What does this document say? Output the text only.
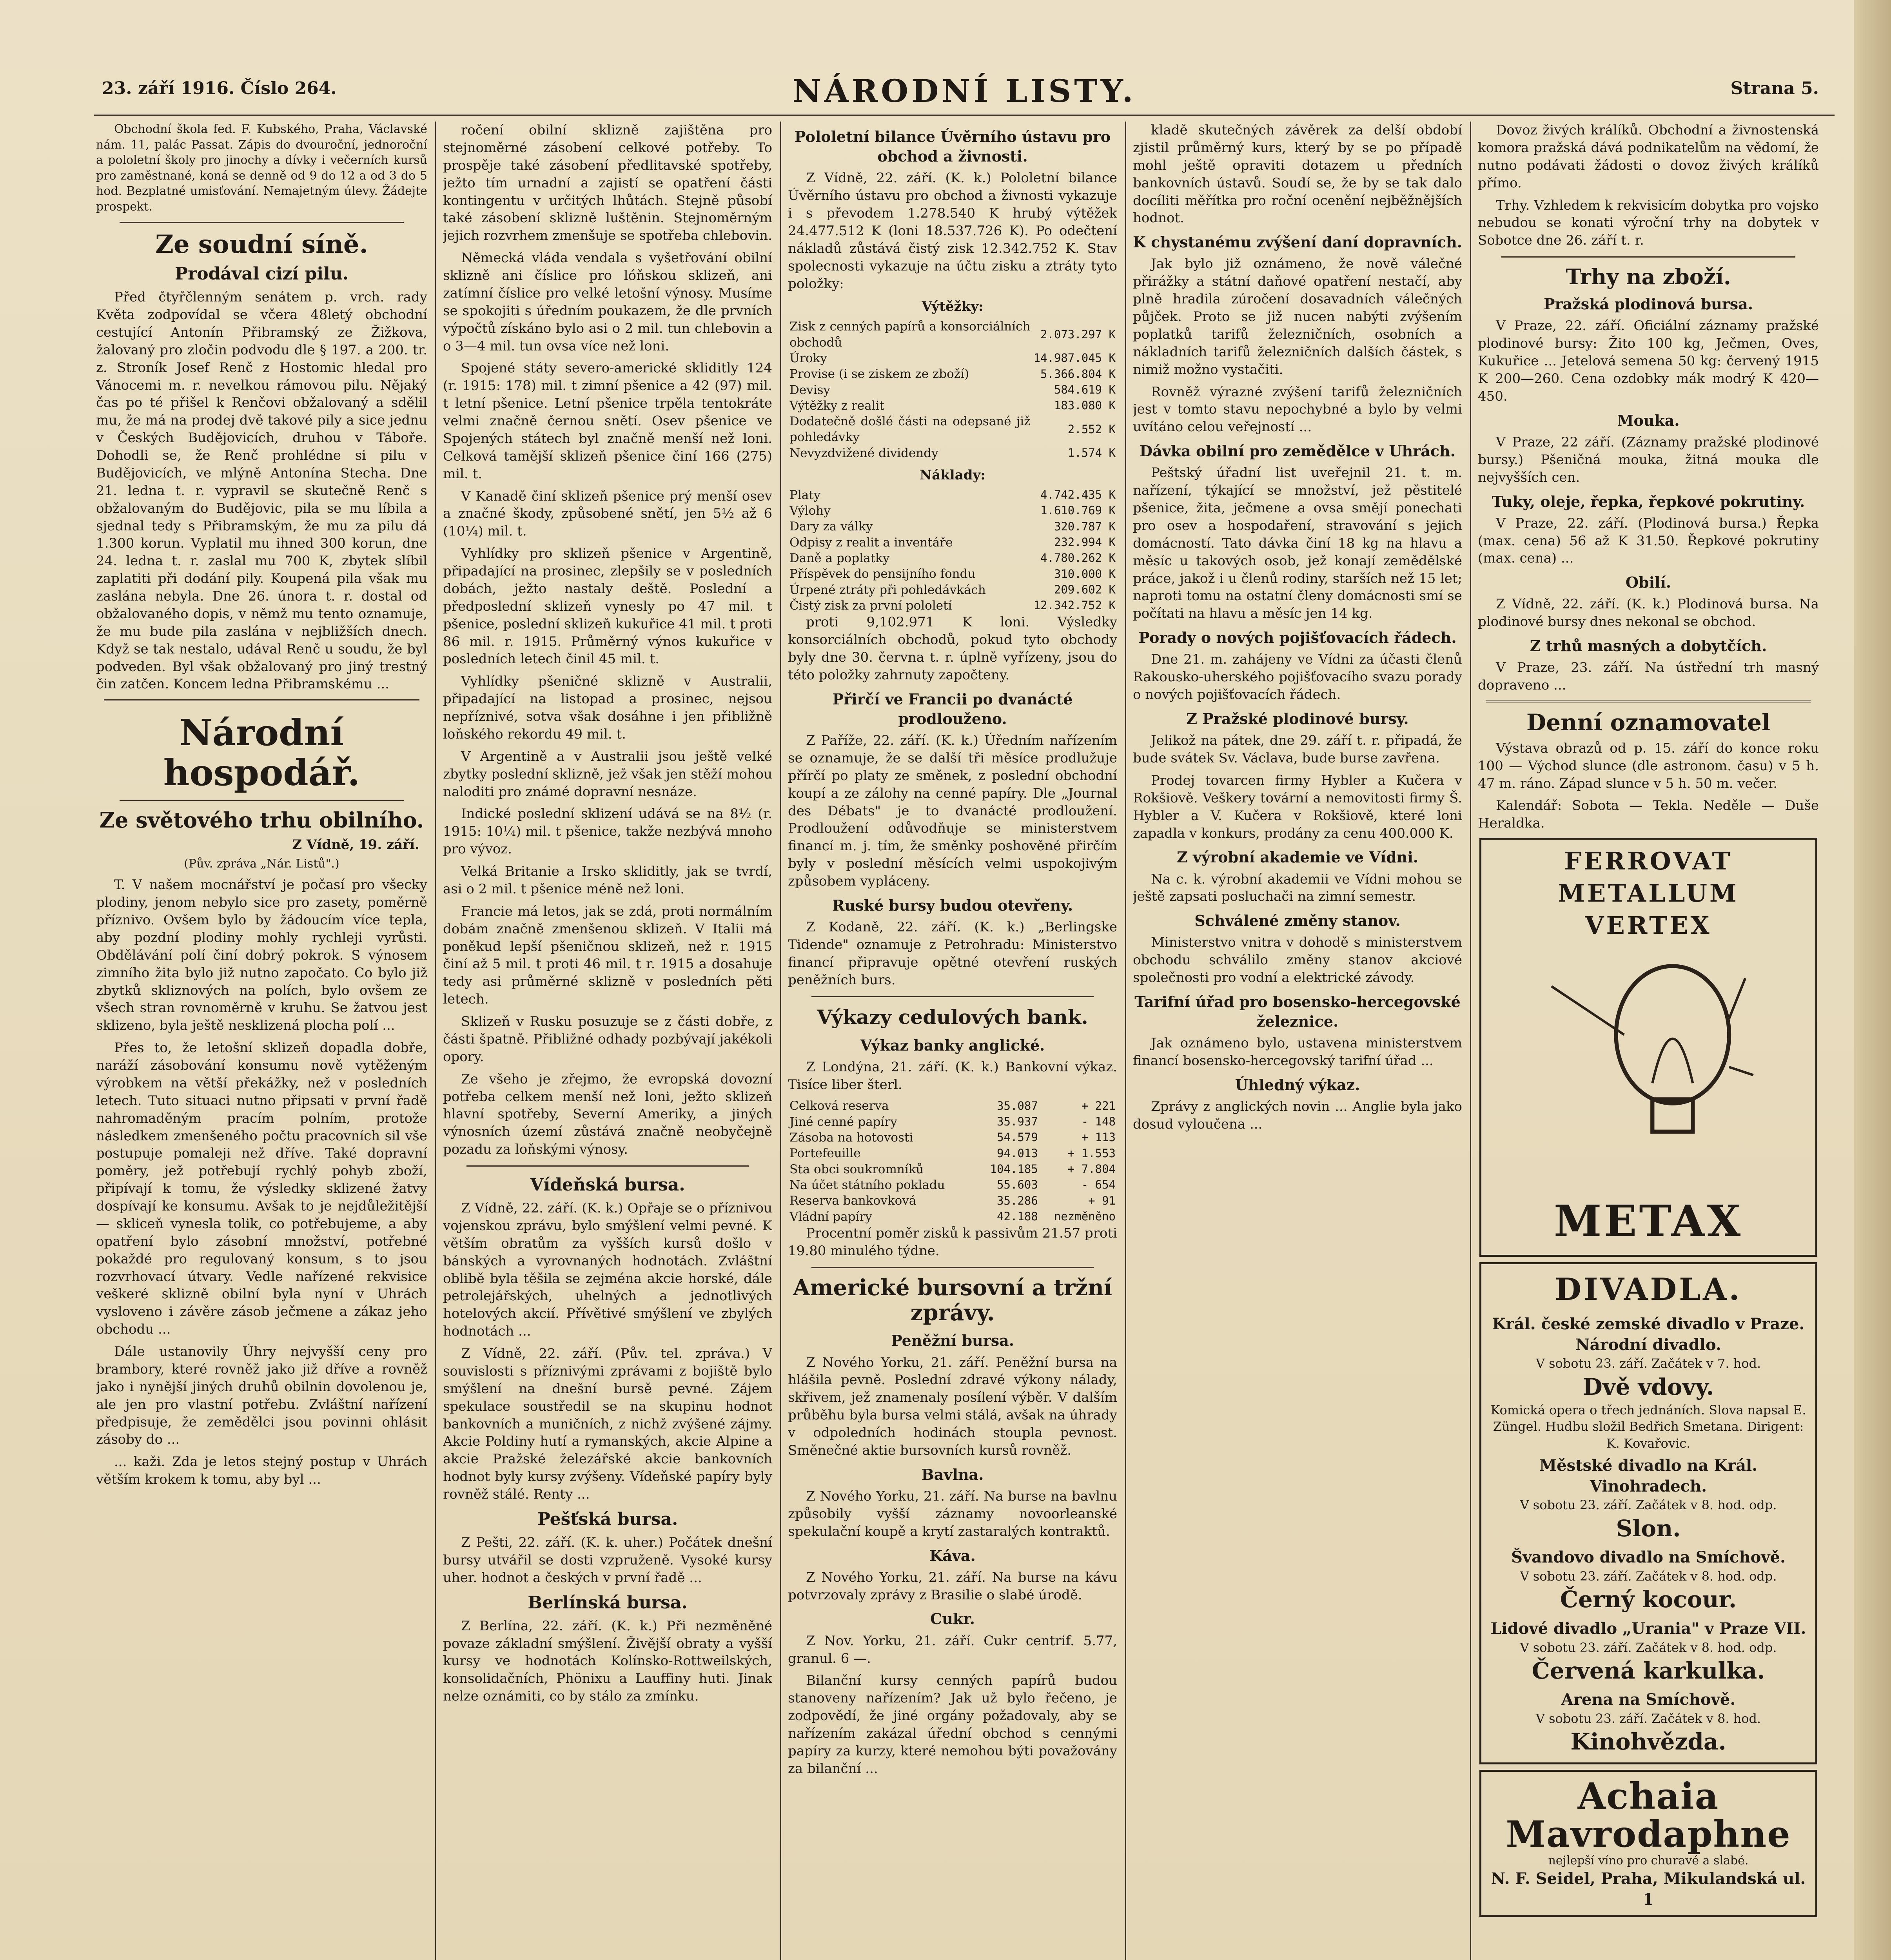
23. září 1916. Číslo 264.	NÁRODNÍ LISTY.	Strana 5.

Obchodní škola fed. F. Kubského, Praha, Václavské nám. 11, palác Passat. Zápis do dvouroční, jednoroční a pololetní školy pro jinochy a dívky i večerních kursů pro zaměstnané, koná se denně od 9 do 12 a od 3 do 5 hod. Bezplatné umisťování. Nemajetným úlevy. Žádejte prospekt.

Ze soudní síně.
Prodával cizí pilu.

Před čtyřčlenným senátem p. vrch. rady Květa zodpovídal se včera 48letý obchodní cestující Antonín Přibramský ze Žižkova, žalovaný pro zločin podvodu dle § 197. a 200. tr. z. Stroník Josef Renč z Hostomic hledal pro Vánocemi m. r. nevelkou rámovou pilu. Nějaký čas po té přišel k Renčovi obžalovaný a sdělil mu, že má na prodej dvě takové pily a sice jednu v Českých Budějovicích, druhou v Táboře. Dohodli se, že Renč prohlédne si pilu v Budějovicích, ve mlýně Antonína Stecha. Dne 21. ledna t. r. vypravil se skutečně Renč s obžalovaným do Budějovic, pila se mu líbila a sjednal tedy s Přibramským, že mu za pilu dá 1.300 korun. Vyplatil mu ihned 300 korun, dne 24. ledna t. r. zaslal mu 700 K, zbytek slíbil zaplatiti při dodání pily. Koupená pila však mu zaslána nebyla. Dne 26. února t. r. dostal od obžalovaného dopis, v němž mu tento oznamuje, že mu bude pila zaslána v nejbližších dnech. Když se tak nestalo, udával Renč u soudu, že byl podveden. Byl však obžalovaný pro jiný trestný čin zatčen. Koncem ledna Přibramskému ...

Národní hospodář.
Ze světového trhu obilního.
Z Vídně, 19. září.
(Pův. zpráva „Nár. Listů".)

T. V našem mocnářství je počasí pro všecky plodiny, jenom nebylo sice pro zasety, poměrně příznivo. Ovšem bylo by žádoucím více tepla, aby pozdní plodiny mohly rychleji vyrůsti. Obdělávání polí činí dobrý pokrok. S výnosem zimního žita bylo již nutno započato. Co bylo již zbytků skliznových na polích, bylo ovšem ze všech stran rovnoměrně v kruhu. Se žatvou jest sklizeno, byla ještě nesklizená plocha polí ...

Přes to, že letošní sklizeň dopadla dobře, naráží zásobování konsumu nově vytěženým výrobkem na větší překážky, než v posledních letech. Tuto situaci nutno připsati v první řadě nahromaděným pracím polním, protože následkem zmenšeného počtu pracovních sil vše postupuje pomaleji než dříve. Také dopravní poměry, jež potřebují rychlý pohyb zboží, připívají k tomu, že výsledky sklizené žatvy dospívají ke konsumu. Avšak to je nejdůležitější — skliceň vynesla tolik, co potřebujeme, a aby opatření bylo zásobní množství, potřebné pokaždé pro regulovaný konsum, s to jsou rozvrhovací útvary. Vedle nařízené rekvisice veškeré sklizně obilní byla nyní v Uhrách vysloveno i závěre zásob ječmene a zákaz jeho obchodu ...

Dále ustanovily Úhry nejvyšší ceny pro brambory, které rovněž jako již dříve a rovněž jako i nynější jiných druhů obilnin dovolenou je, ale jen pro vlastní potřebu. Zvláštní nařízení předpisuje, že zemědělci jsou povinni ohlásit zásoby do ...

... kaži. Zda je letos stejný postup v Uhrách větším krokem k tomu, aby byl ...

ročení obilní sklizně zajištěna pro stejnoměrné zásobení celkové potřeby. To prospěje také zásobení předlitavské spotřeby, ježto tím urnadní a zajistí se opatření části kontingentu v určitých lhůtách. Stejně působí také zásobení sklizně luštěnin. Stejnoměrným jejich rozvrhem zmenšuje se spotřeba chlebovin.

Německá vláda vendala s vyšetřování obilní sklizně ani číslice pro lóňskou sklizeň, ani zatímní číslice pro velké letošní výnosy. Musíme se spokojiti s úředním poukazem, že dle prvních výpočtů získáno bylo asi o 2 mil. tun chlebovin a o 3—4 mil. tun ovsa více než loni.

Spojené státy severo-americké skliditly 124 (r. 1915: 178) mil. t zimní pšenice a 42 (97) mil. t letní pšenice. Letní pšenice trpěla tentokráte velmi značně černou snětí. Osev pšenice ve Spojených státech byl značně menší než loni. Celková tamější sklizeň pšenice činí 166 (275) mil. t.

V Kanadě činí sklizeň pšenice prý menší osev a značné škody, způsobené snětí, jen 5½ až 6 (10¼) mil. t.

Vyhlídky pro sklizeň pšenice v Argentině, připadající na prosinec, zlepšily se v posledních dobách, ježto nastaly deště. Poslední a předposlední sklizeň vynesly po 47 mil. t pšenice, poslední sklizeň kukuřice 41 mil. t proti 86 mil. r. 1915. Průměrný výnos kukuřice v posledních letech činil 45 mil. t.

Vyhlídky pšeničné sklizně v Australii, připadající na listopad a prosinec, nejsou nepříznivé, sotva však dosáhne i jen přibližně loňského rekordu 49 mil. t.

V Argentině a v Australii jsou ještě velké zbytky poslední sklizně, jež však jen stěží mohou naloditi pro známé dopravní nesnáze.

Indické poslední sklizení udává se na 8½ (r. 1915: 10¼) mil. t pšenice, takže nezbývá mnoho pro vývoz.

Velká Britanie a Irsko skliditly, jak se tvrdí, asi o 2 mil. t pšenice méně než loni.

Francie má letos, jak se zdá, proti normálním dobám značně zmenšenou sklizeň. V Italii má poněkud lepší pšeničnou sklizeň, než r. 1915 činí až 5 mil. t proti 46 mil. t r. 1915 a dosahuje tedy asi průměrné sklizně v posledních pěti letech.

Sklizeň v Rusku posuzuje se z části dobře, z části špatně. Přibližné odhady pozbývají jakékoli opory.

Ze všeho je zřejmo, že evropská dovozní potřeba celkem menší než loni, ježto sklizeň hlavní spotřeby, Severní Ameriky, a jiných výnosních území zůstává značně neobyčejně pozadu za loňskými výnosy.

Vídeňská bursa.

Z Vídně, 22. září. (K. k.) Opřaje se o příznivou vojenskou zprávu, bylo smýšlení velmi pevné. K větším obratům za vyšších kursů došlo v bánských a vyrovnaných hodnotách. Zvláštní oblibě byla těšila se zejména akcie horské, dále petrolejářských, uhelných a jednotlivých hotelových akcií. Přívětivé smýšlení ve zbylých hodnotách ...

Z Vídně, 22. září. (Pův. tel. zpráva.) V souvislosti s příznivými zprávami z bojiště bylo smýšlení na dnešní bursě pevné. Zájem spekulace soustředil se na skupinu hodnot bankovních a muničních, z nichž zvýšené zájmy. Akcie Poldiny hutí a rymanských, akcie Alpine a akcie Pražské železářské akcie bankovních hodnot byly kursy zvýšeny. Vídeňské papíry byly rovněž stálé. Renty ...

Pešťská bursa.

Z Pešti, 22. září. (K. k. uher.) Počátek dnešní bursy utvářil se dosti vzpruženě. Vysoké kursy uher. hodnot a českých v první řadě ...

Berlínská bursa.

Z Berlína, 22. září. (K. k.) Při nezměněné povaze základní smýšlení. Živější obraty a vyšší kursy ve hodnotách Kolínsko-Rottweilských, konsolidačních, Phönixu a Lauffiny huti. Jinak nelze oznámiti, co by stálo za zmínku.

Pololetní bilance Úvěrního ústavu pro obchod a živnosti.

Z Vídně, 22. září. (K. k.) Pololetní bilance Úvěrního ústavu pro obchod a živnosti vykazuje i s převodem 1.278.540 K hrubý výtěžek 24.477.512 K (loni 18.537.726 K). Po odečtení nákladů zůstává čistý zisk 12.342.752 K. Stav spolecnosti vykazuje na účtu zisku a ztráty tyto položky:

Výtěžky:
Zisk z cenných papírů a konsorciálních obchodů	2.073.297 K
Úroky	14.987.045 K
Provise (i se ziskem ze zboží)	5.366.804 K
Devisy	584.619 K
Výtěžky z realit	183.080 K
Dodatečně došlé části na odepsané již pohledávky	2.552 K
Nevyzdvižené dividendy	1.574 K
Náklady:
Platy	4.742.435 K
Výlohy	1.610.769 K
Dary za války	320.787 K
Odpisy z realit a inventáře	232.994 K
Daně a poplatky	4.780.262 K
Příspěvek do pensijního fondu	310.000 K
Úrpené ztráty při pohledávkách	209.602 K
Čistý zisk za první pololetí	12.342.752 K

proti 9,102.971 K loni. Výsledky konsorciálních obchodů, pokud tyto obchody byly dne 30. června t. r. úplně vyřízeny, jsou do této položky zahrnuty započteny.

Přirčí ve Francii po dvanácté prodlouženo.

Z Paříže, 22. září. (K. k.) Úředním nařízením se oznamuje, že se další tři měsíce prodlužuje přírčí po platy ze směnek, z poslední obchodní koupí a ze zálohy na cenné papíry. Dle „Journal des Débats" je to dvanácté prodloužení. Prodloužení odůvodňuje se ministerstvem financí m. j. tím, že směnky poshověné přirčím byly v poslední měsících velmi uspokojivým způsobem vypláceny.

Ruské bursy budou otevřeny.

Z Kodaně, 22. září. (K. k.) „Berlingske Tidende" oznamuje z Petrohradu: Ministerstvo financí připravuje opětné otevření ruských peněžních burs.

Výkazy cedulových bank.
Výkaz banky anglické.

Z Londýna, 21. září. (K. k.) Bankovní výkaz. Tisíce liber šterl.

Celková reserva	35.087	+ 221
Jiné cenné papíry	35.937	- 148
Zásoba na hotovosti	54.579	+ 113
Portefeuille	94.013	+ 1.553
Sta obci soukromníků	104.185	+ 7.804
Na účet státního pokladu	55.603	- 654
Reserva bankovková	35.286	+ 91
Vládní papíry	42.188	nezměněno

Procentní poměr zisků k passivům 21.57 proti 19.80 minulého týdne.

Americké bursovní a tržní zprávy.
Peněžní bursa.

Z Nového Yorku, 21. září. Peněžní bursa na hlášila pevně. Poslední zdravé výkony nálady, skřivem, jež znamenaly posílení výběr. V dalším průběhu byla bursa velmi stálá, avšak na úhrady v odpoledních hodinách stoupla pevnost. Směnečné aktie bursovních kursů rovněž.

Bavlna.

Z Nového Yorku, 21. září. Na burse na bavlnu způsobily vyšší záznamy novoorleanské spekulační koupě a krytí zastaralých kontraktů.

Káva.

Z Nového Yorku, 21. září. Na burse na kávu potvrzovaly zprávy z Brasilie o slabé úrodě.

Cukr.

Z Nov. Yorku, 21. září. Cukr centrif. 5.77, granul. 6 —.

Bilanční kursy cenných papírů budou stanoveny nařízením? Jak už bylo řečeno, je zodpovědí, že jiné orgány požadovaly, aby se nařízením zakázal úřední obchod s cennými papíry za kurzy, které nemohou býti považovány za bilanční ...

kladě skutečných závěrek za delší období zjistil průměrný kurs, který by se po případě mohl ještě opraviti dotazem u předních bankovních ústavů. Soudí se, že by se tak dalo docíliti měřítka pro roční ocenění nejběžnějších hodnot.

K chystanému zvýšení daní dopravních.

Jak bylo již oznámeno, že nově válečné přirážky a státní daňové opatření nestačí, aby plně hradila zúročení dosavadních válečných půjček. Proto se již nucen nabýti zvýšením poplatků tarifů železničních, osobních a nákladních tarifů železničních dalších částek, s nimiž možno vystačiti.

Rovněž výrazné zvýšení tarifů železničních jest v tomto stavu nepochybné a bylo by velmi uvítáno celou veřejností ...

Dávka obilní pro zemědělce v Uhrách.

Peštský úřadní list uveřejnil 21. t. m. nařízení, týkající se množství, jež pěstitelé pšenice, žita, ječmene a ovsa smějí ponechati pro osev a hospodaření, stravování s jejich domácností. Tato dávka činí 18 kg na hlavu a měsíc u takových osob, jež konají zemědělské práce, jakož i u členů rodiny, starších než 15 let; naproti tomu na ostatní členy domácnosti smí se počítati na hlavu a měsíc jen 14 kg.

Porady o nových pojišťovacích řádech.

Dne 21. m. zahájeny ve Vídni za účasti členů Rakousko-uherského pojišťovacího svazu porady o nových pojišťovacích řádech.

Z Pražské plodinové bursy.

Jelikož na pátek, dne 29. září t. r. připadá, že bude svátek Sv. Václava, bude burse zavřena.

Prodej tovarcen firmy Hybler a Kučera v Rokšiově. Veškery tovární a nemovitosti firmy Š. Hybler a V. Kučera v Rokšiově, které loni zapadla v konkurs, prodány za cenu 400.000 K.

Z výrobní akademie ve Vídni.

Na c. k. výrobní akademii ve Vídni mohou se ještě zapsati posluchači na zimní semestr.

Schválené změny stanov.

Ministerstvo vnitra v dohodě s ministerstvem obchodu schválilo změny stanov akciové společnosti pro vodní a elektrické závody.

Tarifní úřad pro bosensko-hercegovské železnice.

Jak oznámeno bylo, ustavena ministerstvem financí bosensko-hercegovský tarifní úřad ...

Úhledný výkaz.

Zprávy z anglických novin ... Anglie byla jako dosud vyloučena ...

Dovoz živých králíků. Obchodní a živnostenská komora pražská dává podnikatelům na vědomí, že nutno podávati žádosti o dovoz živých králíků přímo.

Trhy. Vzhledem k rekvisicím dobytka pro vojsko nebudou se konati výroční trhy na dobytek v Sobotce dne 26. září t. r.

Trhy na zboží.
Pražská plodinová bursa.

V Praze, 22. září. Oficiální záznamy pražské plodinové bursy: Žito 100 kg, Ječmen, Oves, Kukuřice ... Jetelová semena 50 kg: červený 1915 K 200—260. Cena ozdobky mák modrý K 420—450.

Mouka.

V Praze, 22 září. (Záznamy pražské plodinové bursy.) Pšeničná mouka, žitná mouka dle nejvyšších cen.

Tuky, oleje, řepka, řepkové pokrutiny.

V Praze, 22. září. (Plodinová bursa.) Řepka (max. cena) 56 až K 31.50. Řepkové pokrutiny (max. cena) ...

Obilí.

Z Vídně, 22. září. (K. k.) Plodinová bursa. Na plodinové bursy dnes nekonal se obchod.

Z trhů masných a dobytčích.

V Praze, 23. září. Na ústřední trh masný dopraveno ...

Denní oznamovatel

Výstava obrazů od p. 15. září do konce roku 100 — Východ slunce (dle astronom. času) v 5 h. 47 m. ráno. Západ slunce v 5 h. 50 m. večer.

Kalendář: Sobota — Tekla. Neděle — Duše Heraldka.

FERROVAT
METALLUM
VERTEX
METAX
DIVADLA.
Král. české zemské divadlo v Praze. Národní divadlo.
V sobotu 23. září. Začátek v 7. hod.
Dvě vdovy.
Komická opera o třech jednáních. Slova napsal E. Züngel. Hudbu složil Bedřich Smetana. Dirigent: K. Kovařovic.
Městské divadlo na Král. Vinohradech.
V sobotu 23. září. Začátek v 8. hod. odp.
Slon.
Švandovo divadlo na Smíchově.
V sobotu 23. září. Začátek v 8. hod. odp.
Černý kocour.
Lidové divadlo „Urania" v Praze VII.
V sobotu 23. září. Začátek v 8. hod. odp.
Červená karkulka.
Arena na Smíchově.
V sobotu 23. září. Začátek v 8. hod.
Kinohvězda.
Achaia Mavrodaphne
nejlepší víno pro churavé a slabé.
N. F. Seidel, Praha, Mikulandská ul. 1
